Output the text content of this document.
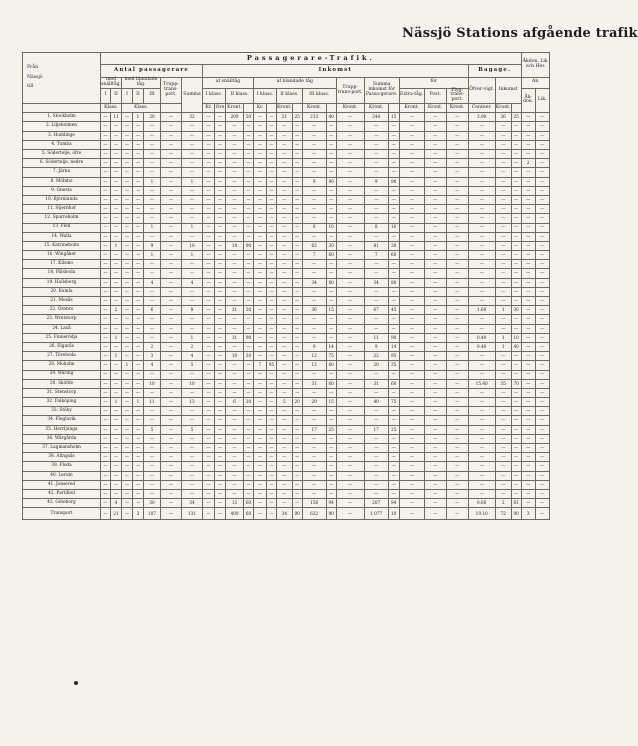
Nässjö Stations afgående trafik
Från

Nässjö

till	Passagerare-Trafik.																										Åkdon, Lik och Hes	
	Antal passagerare							Inkomst																Bagage.				
	med snälltåg.		med blandade tåg.			Trupp-trans-port.	Summa	af snälltåg				af blandade tåg						Trupp-trans-port.	Summa inkomst för Passa-gerare.		för			Öfver-vigt.	Inkomst		An	
	I	II	I	II	III			I klass.		II klass.		I klass.		II klass.		III klass.					Extra-tåg.	Post.	Flyg-trans-port.				Åk-don.	Lik.
	Klass.		Klass.					Kr.	Öre	Kront.		Kr.		Kront.		Kront.		Kront.	Kront.		Kront.	Kront.	Kront.	Centner.	Kront.			
1. Stockholm	—	11	—	1	20	—	32	—	—	209	50	—	—	21	25	213	40	—	344	15	—	—	—	3.90	36	25	—	—
2. Liljeholmen	—	—	—	—	—	—	—	—	—	—	—	—	—	—	—	—	—	—	—	—	—	—	—	—	—	—	—	—
3. Huddinge	—	—	—	—	—	—	—	—	—	—	—	—	—	—	—	—	—	—	—	—	—	—	—	—	—	—	—	—
4. Tumba	—	—	—	—	—	—	—	—	—	—	—	—	—	—	—	—	—	—	—	—	—	—	—	—	—	—	—	—
5. Södertelje, öfre	—	—	—	—	—	—	—	—	—	—	—	—	—	—	—	—	—	—	—	—	—	—	—	—	—	—	—	—
6. Södertelje, nedre	—	—	—	—	—	—	—	—	—	—	—	—	—	—	—	—	—	—	—	—	—	—	—	—	—	—	2	—
7. Järna	—	—	—	—	—	—	—	—	—	—	—	—	—	—	—	—	—	—	—	—	—	—	—	—	—	—	—	—
8. Mölnbo	—	—	—	—	1	—	1	—	—	—	—	—	—	—	—	9	90	—	9	90	—	—	—	—	—	—	—	—
9. Gnesta	—	—	—	—	—	—	—	—	—	—	—	—	—	—	—	—	—	—	—	—	—	—	—	—	—	—	—	—
10. Björnlunda	—	—	—	—	—	—	—	—	—	—	—	—	—	—	—	—	—	—	—	—	—	—	—	—	—	—	—	—
11. Stjernhof	—	—	—	—	—	—	—	—	—	—	—	—	—	—	—	—	—	—	—	—	—	—	—	—	—	—	—	—
12. Sparreholm	—	—	—	—	—	—	—	—	—	—	—	—	—	—	—	—	—	—	—	—	—	—	—	—	—	—	—	—
13. Flen	—	—	—	—	1	—	1	—	—	—	—	—	—	—	—	8	10	—	8	10	—	—	—	—	—	—	—	—
14. Walla	—	—	—	—	—	—	—	—	—	—	—	—	—	—	—	—	—	—	—	—	—	—	—	—	—	—	—	—
15. Katrineholm	—	1	—	—	9	—	10	—	—	18	90	—	—	—	—	62	30	—	81	20	—	—	—	—	—	—	—	—
16. Wingåker	—	—	—	—	1	—	1	—	—	—	—	—	—	—	—	7	60	—	7	60	—	—	—	—	—	—	—	—
17. Kilsmo	—	—	—	—	—	—	—	—	—	—	—	—	—	—	—	—	—	—	—	—	—	—	—	—	—	—	—	—
18. Pålsboda	—	—	—	—	—	—	—	—	—	—	—	—	—	—	—	—	—	—	—	—	—	—	—	—	—	—	—	—
19. Hallsberg	—	—	—	—	4	—	4	—	—	—	—	—	—	—	—	34	80	—	34	80	—	—	—	—	—	—	—	—
20. Kumla	—	—	—	—	—	—	—	—	—	—	—	—	—	—	—	—	—	—	—	—	—	—	—	—	—	—	—	—
21. Mosås	—	—	—	—	—	—	—	—	—	—	—	—	—	—	—	—	—	—	—	—	—	—	—	—	—	—	—	—
22. Örebro	—	2	—	—	6	—	8	—	—	31	30	—	—	—	—	36	15	—	67	45	—	—	—	1.60	1	30	—	—
23. Wretstorp	—	—	—	—	—	—	—	—	—	—	—	—	—	—	—	—	—	—	—	—	—	—	—	—	—	—	—	—
24. Laxå	—	—	—	—	—	—	—	—	—	—	—	—	—	—	—	—	—	—	—	—	—	—	—	—	—	—	—	—
25. Finnerödja	—	1	—	—	—	—	1	—	—	11	90	—	—	—	—	—	—	—	11	90	—	—	—	0.40	1	10	—	—
26. Elgarås	—	—	—	—	2	—	2	—	—	—	—	—	—	—	—	9	14	—	9	14	—	—	—	0.40	1	40	—	—
27. Töreboda	—	1	—	—	3	—	4	—	—	10	20	—	—	—	—	12	75	—	22	95	—	—	—	—	—	—	—	—
28. Moholm	—	—	1	—	4	—	5	—	—	—	—	7	95	—	—	12	80	—	20	35	—	—	—	—	—	—	—	—
29. Wäring	—	—	—	—	—	—	—	—	—	—	—	—	—	—	—	—	—	—	—	—	—	—	—	—	—	—	—	—
30. Sköfde	—	—	—	—	10	—	10	—	—	—	—	—	—	—	—	31	60	—	31	60	—	—	—	15.40	35	70	—	—
31. Stenstorp	—	—	—	—	—	—	—	—	—	—	—	—	—	—	—	—	—	—	—	—	—	—	—	—	—	—	—	—
32. Falköping	—	1	—	1	11	—	13	—	—	6	20	—	—	5	20	29	15	—	40	75	—	—	—	—	—	—	—	—
33. Stöby	—	—	—	—	—	—	—	—	—	—	—	—	—	—	—	—	—	—	—	—	—	—	—	—	—	—	—	—
34. Floglavik	—	—	—	—	—	—	—	—	—	—	—	—	—	—	—	—	—	—	—	—	—	—	—	—	—	—	—	—
35. Herrljunga	—	—	—	—	5	—	5	—	—	—	—	—	—	—	—	17	25	—	17	25	—	—	—	—	—	—	—	—
36. Wårgårda	—	—	—	—	—	—	—	—	—	—	—	—	—	—	—	—	—	—	—	—	—	—	—	—	—	—	—	—
37. Lagmansholm	—	—	—	—	—	—	—	—	—	—	—	—	—	—	—	—	—	—	—	—	—	—	—	—	—	—	—	—
38. Alingsås	—	—	—	—	—	—	—	—	—	—	—	—	—	—	—	—	—	—	—	—	—	—	—	—	—	—	—	—
39. Floda	—	—	—	—	—	—	—	—	—	—	—	—	—	—	—	—	—	—	—	—	—	—	—	—	—	—	—	—
40. Lerum	—	—	—	—	—	—	—	—	—	—	—	—	—	—	—	—	—	—	—	—	—	—	—	—	—	—	—	—
41. Jonsered	—	—	—	—	—	—	—	—	—	—	—	—	—	—	—	—	—	—	—	—	—	—	—	—	—	—	—	—
42. Partilled	—	—	—	—	—	—	—	—	—	—	—	—	—	—	—	—	—	—	—	—	—	—	—	—	—	—	—	—
43. Göteborg	—	4	—	—	30	—	34	—	—	12	60	—	—	—	—	156	94	—	207	94	—	—	—	0.60	2	61	—	—
Transport	—	21	—	3	107	—	131	—	—	409	60	—	—	34	90	622	90	—	1 077	10	—	—	—	19.10	72	90	3	—
